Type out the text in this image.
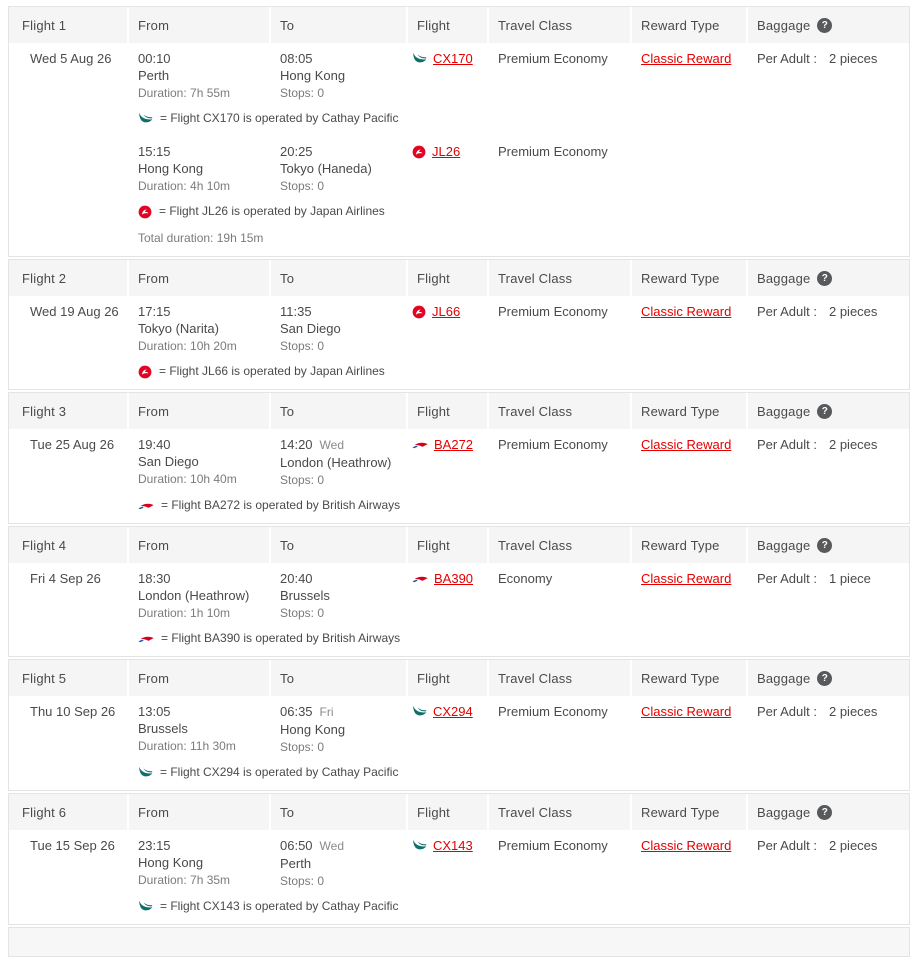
Flight 1	From	To	Flight	Travel Class	Reward Type	Baggage	?
Wed 5 Aug 26	00:10
Perth
Duration: 7h 55m
08:05
Hong Kong
Stops: 0
CX170	Premium Economy	Classic Reward	Per Adult : 2 pieces
= Flight CX170 is operated by Cathay Pacific
15:15
Hong Kong
Duration: 4h 10m
20:25
Tokyo (Haneda)
Stops: 0
JL26	Premium Economy
= Flight JL26 is operated by Japan Airlines
Total duration: 19h 15m
Flight 2	From	To	Flight	Travel Class	Reward Type	Baggage	?
Wed 19 Aug 26	17:15
Tokyo (Narita)
Duration: 10h 20m
11:35
San Diego
Stops: 0
JL66	Premium Economy	Classic Reward	Per Adult : 2 pieces
= Flight JL66 is operated by Japan Airlines
Flight 3	From	To	Flight	Travel Class	Reward Type	Baggage	?
Tue 25 Aug 26	19:40
San Diego
Duration: 10h 40m
14:20 Wed
London (Heathrow)
Stops: 0
BA272	Premium Economy	Classic Reward	Per Adult : 2 pieces
= Flight BA272 is operated by British Airways
Flight 4	From	To	Flight	Travel Class	Reward Type	Baggage	?
Fri 4 Sep 26	18:30
London (Heathrow)
Duration: 1h 10m
20:40
Brussels
Stops: 0
BA390	Economy	Classic Reward	Per Adult : 1 piece
= Flight BA390 is operated by British Airways
Flight 5	From	To	Flight	Travel Class	Reward Type	Baggage	?
Thu 10 Sep 26	13:05
Brussels
Duration: 11h 30m
06:35 Fri
Hong Kong
Stops: 0
CX294	Premium Economy	Classic Reward	Per Adult : 2 pieces
= Flight CX294 is operated by Cathay Pacific
Flight 6	From	To	Flight	Travel Class	Reward Type	Baggage	?
Tue 15 Sep 26	23:15
Hong Kong
Duration: 7h 35m
06:50 Wed
Perth
Stops: 0
CX143	Premium Economy	Classic Reward	Per Adult : 2 pieces
= Flight CX143 is operated by Cathay Pacific
